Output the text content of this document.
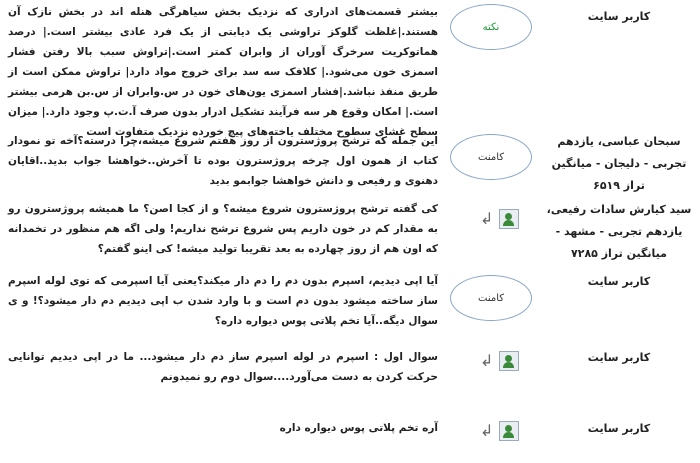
کاربر سایت
نکته
بیشتر قسمت‌های ادراری که نزدیک بخش سیاهرگی هنله اند در بخش نازک آن هستند.|غلظت گلوکز تراوشی یک دیابتی از یک فرد عادی بیشتر است.| درصد هماتوکریت سرخرگ آوران از وابران کمتر است.|تراوش سبب بالا رفتن فشار اسمزی خون می‌شود.| کلافک سه سد برای خروج مواد دارد| تراوش ممکن است از طریق منفذ نباشد.|فشار اسمزی یون‌های خون در س.وابران از س.بن هرمی بیشتر است.| امکان وقوع هر سه فرآیند تشکیل ادرار بدون صرف آ.ت.پ وجود دارد.| میزان سطح غشای سطوح مختلف یاخته‌های پیچ خورده نزدیک متفاوت است
سبحان عباسی، یازدهم تجربی - دلیجان - میانگین تراز ۶۵۱۹
کامنت
این جمله که ترشح پروژسترون از روز هفتم شروع میشه،چرا درسته؟آخه تو نمودار کتاب از همون اول چرخه پروژسترون بوده تا آخرش..خواهشا جواب بدید..اقایان دهنوی و رفیعی و دانش خواهشا جوابمو بدید
سید کیارش سادات رفیعی، یازدهم تجربی - مشهد - میانگین تراز ۷۲۸۵
↲
کی گفته ترشح پروژسترون شروع میشه؟ و از کجا اصن؟ ما همیشه پروژسترون رو به مقدار کم در خون داریم پس شروع ترشح نداریم! ولی اگه هم منظور در تخمدانه که اون هم از روز چهارده به بعد تقریبا تولید میشه! کی اینو گفتم؟
کاربر سایت
کامنت
آیا اپی دیدیم، اسپرم بدون دم را دم دار میکند؟یعنی آیا اسپرمی که توی لوله اسپرم ساز ساخته میشود بدون دم است و با وارد شدن ب اپی دیدیم دم دار میشود؟! و ی سوال دیگه..آیا تخم پلاتی پوس دیواره داره؟
کاربر سایت
↲
سوال اول : اسپرم در لوله اسپرم ساز دم دار میشود... ما در اپی دیدیم توانایی حرکت کردن به دست می‌آورد....سوال دوم رو نمیدونم
کاربر سایت
↲
آره تخم پلاتی پوس دیواره داره
